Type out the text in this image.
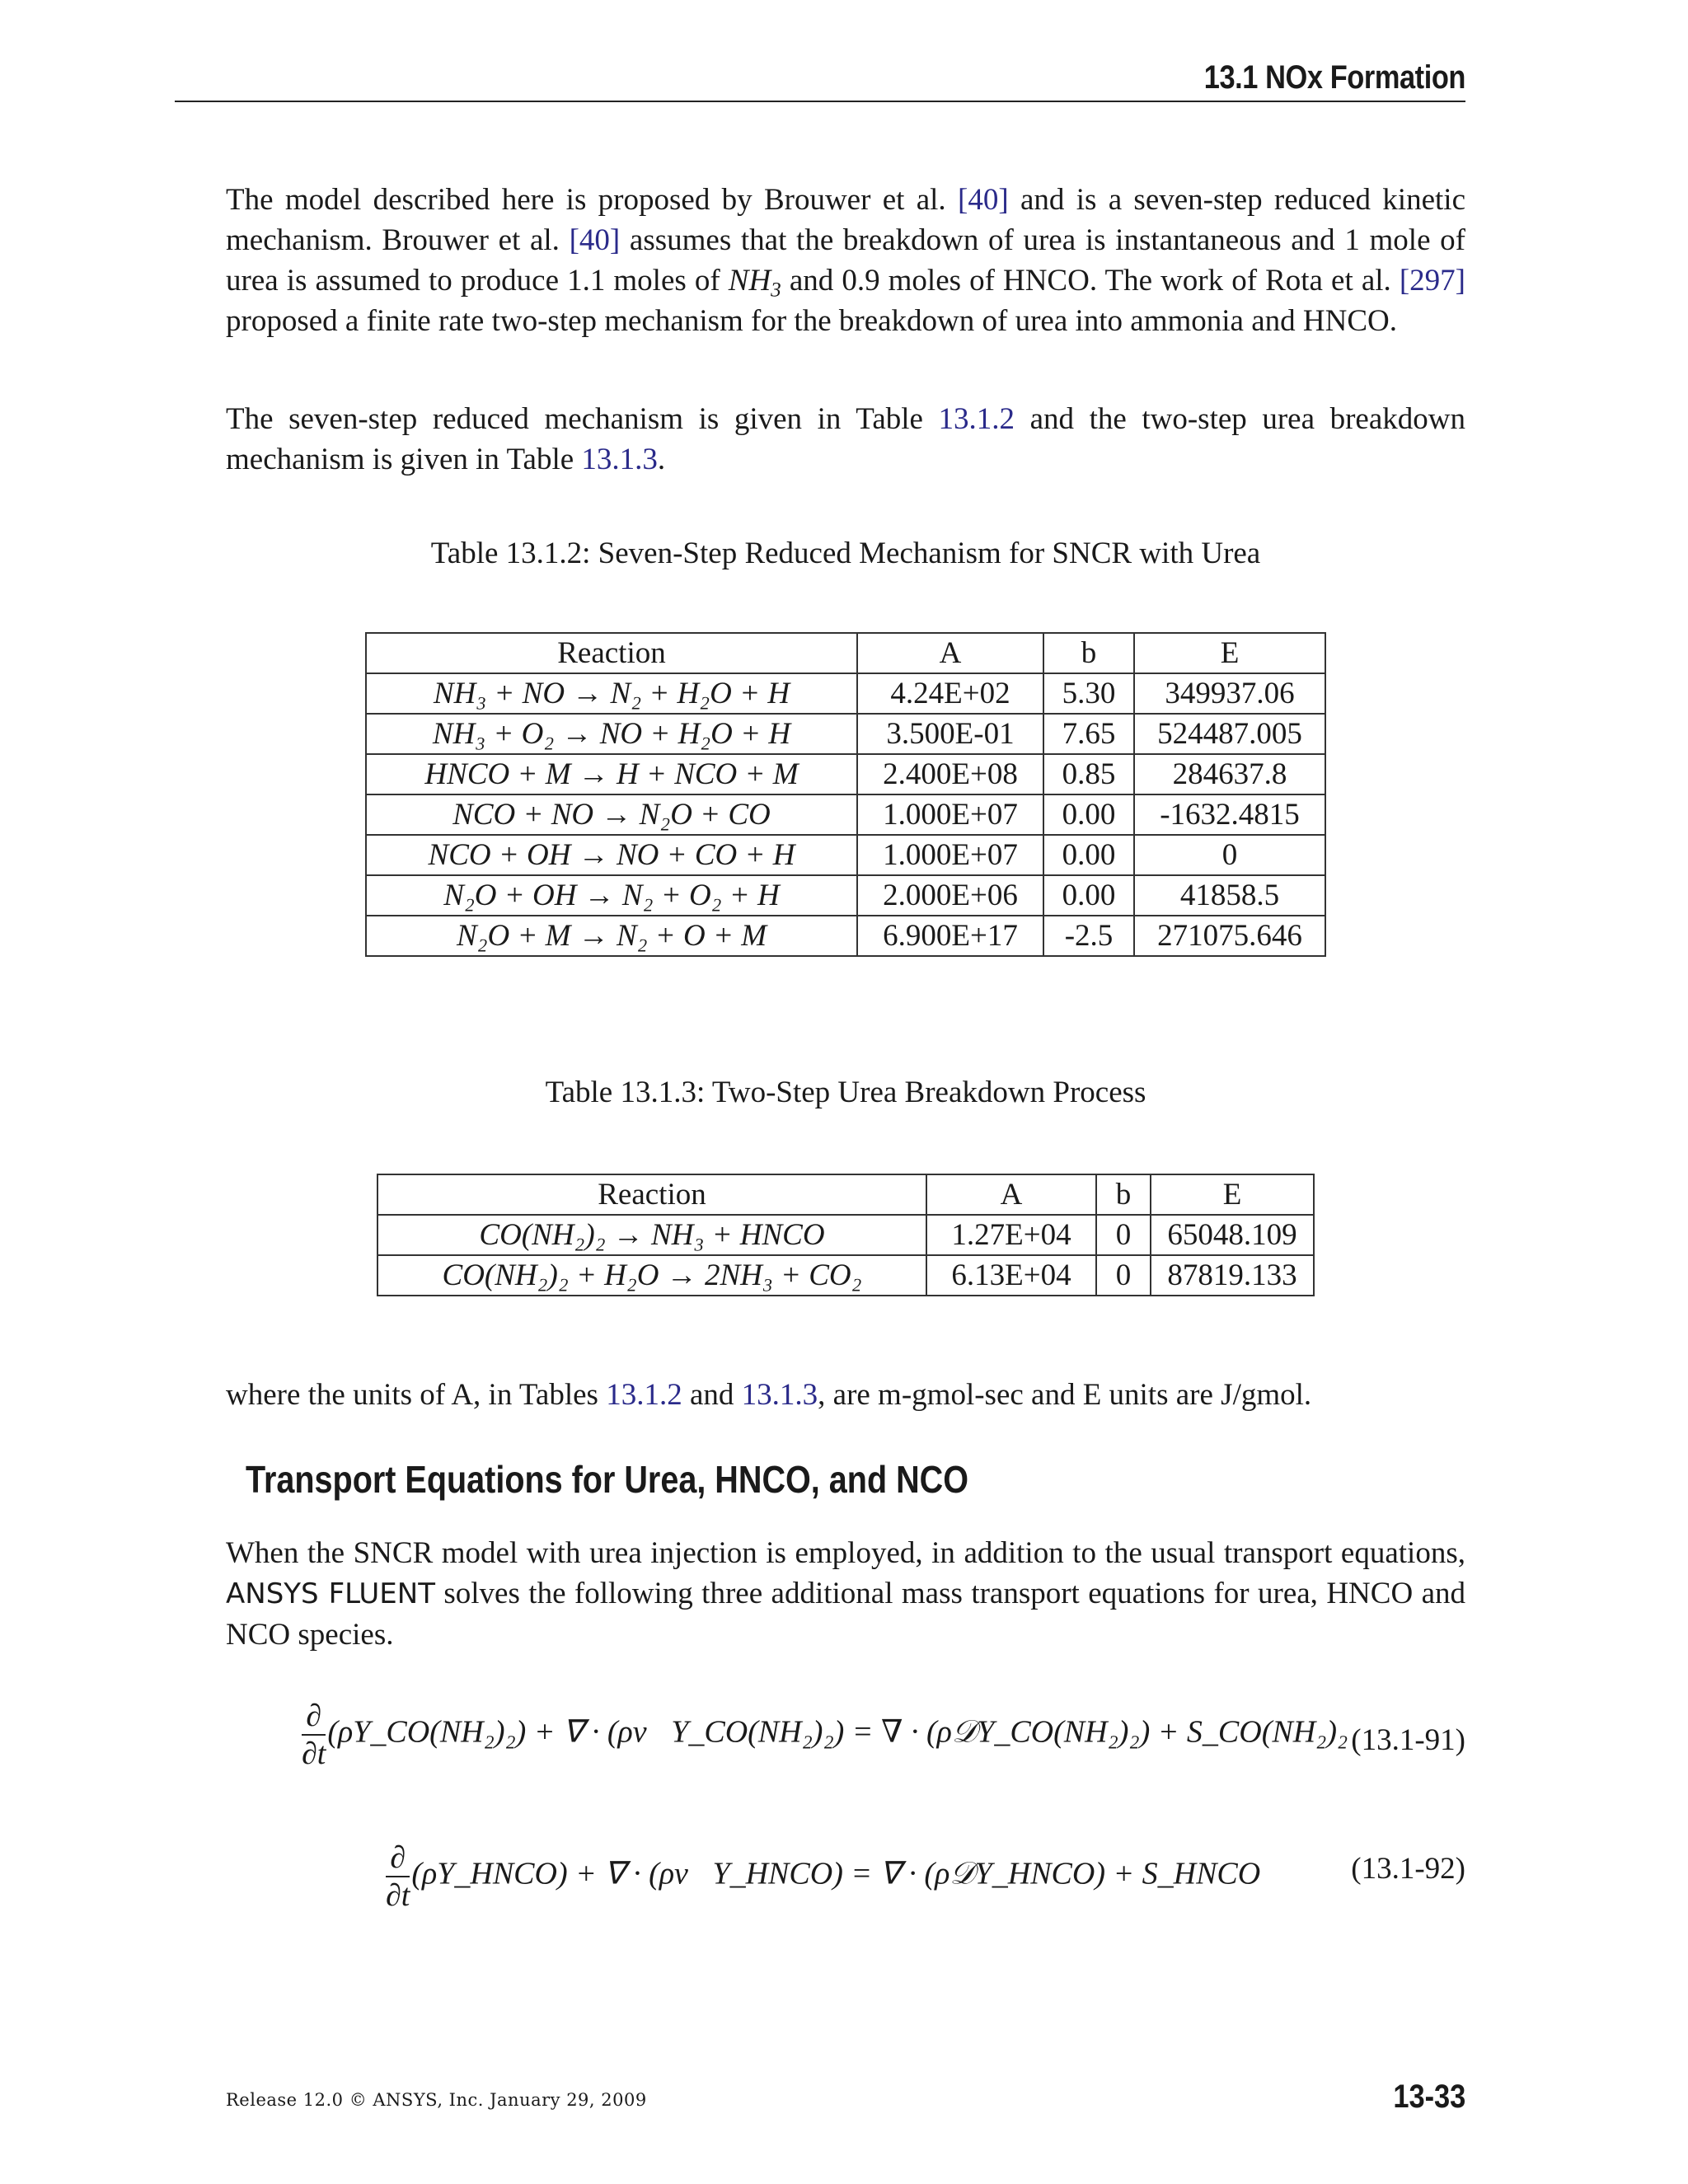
13.1 NOx Formation

The model described here is proposed by Brouwer et al. [40] and is a seven-step reduced kinetic mechanism. Brouwer et al. [40] assumes that the breakdown of urea is instantaneous and 1 mole of urea is assumed to produce 1.1 moles of $NH_3$ and 0.9 moles of HNCO. The work of Rota et al. [297] proposed a finite rate two-step mechanism for the breakdown of urea into ammonia and HNCO.

The seven-step reduced mechanism is given in Table 13.1.2 and the two-step urea breakdown mechanism is given in Table 13.1.3.

Table 13.1.2: Seven-Step Reduced Mechanism for SNCR with Urea
Reaction	A	b	E
NH₃ + NO → N₂ + H₂O + H	4.24E+02	5.30	349937.06
NH₃ + O₂ → NO + H₂O + H	3.500E-01	7.65	524487.005
HNCO + M → H + NCO + M	2.400E+08	0.85	284637.8
NCO + NO → N₂O + CO	1.000E+07	0.00	-1632.4815
NCO + OH → NO + CO + H	1.000E+07	0.00	0
N₂O + OH → N₂ + O₂ + H	2.000E+06	0.00	41858.5
N₂O + M → N₂ + O + M	6.900E+17	-2.5	271075.646
Table 13.1.3: Two-Step Urea Breakdown Process
Reaction	A	b	E
CO(NH₂)₂ → NH₃ + HNCO	1.27E+04	0	65048.109
CO(NH₂)₂ + H₂O → 2NH₃ + CO₂	6.13E+04	0	87819.133

where the units of A, in Tables 13.1.2 and 13.1.3, are m-gmol-sec and E units are J/gmol.

Transport Equations for Urea, HNCO, and NCO

When the SNCR model with urea injection is employed, in addition to the usual transport equations, ANSYS FLUENT solves the following three additional mass transport equations for urea, HNCO and NCO species.

$\frac{\partial}{\partial t}$ (ρY_CO(NH₂)₂) + ∇ · (ρv⃗Y_CO(NH₂)₂) = ∇ · (ρ𝒟Y_CO(NH₂)₂) + S_CO(NH₂)₂ (13.1-91)
$\frac{\partial}{\partial t}$ (ρY_HNCO) + ∇ · (ρv⃗Y_HNCO) = ∇ · (ρ𝒟Y_HNCO) + S_HNCO	(13.1-92)
Release 12.0 © ANSYS, Inc. January 29, 2009	13-33
